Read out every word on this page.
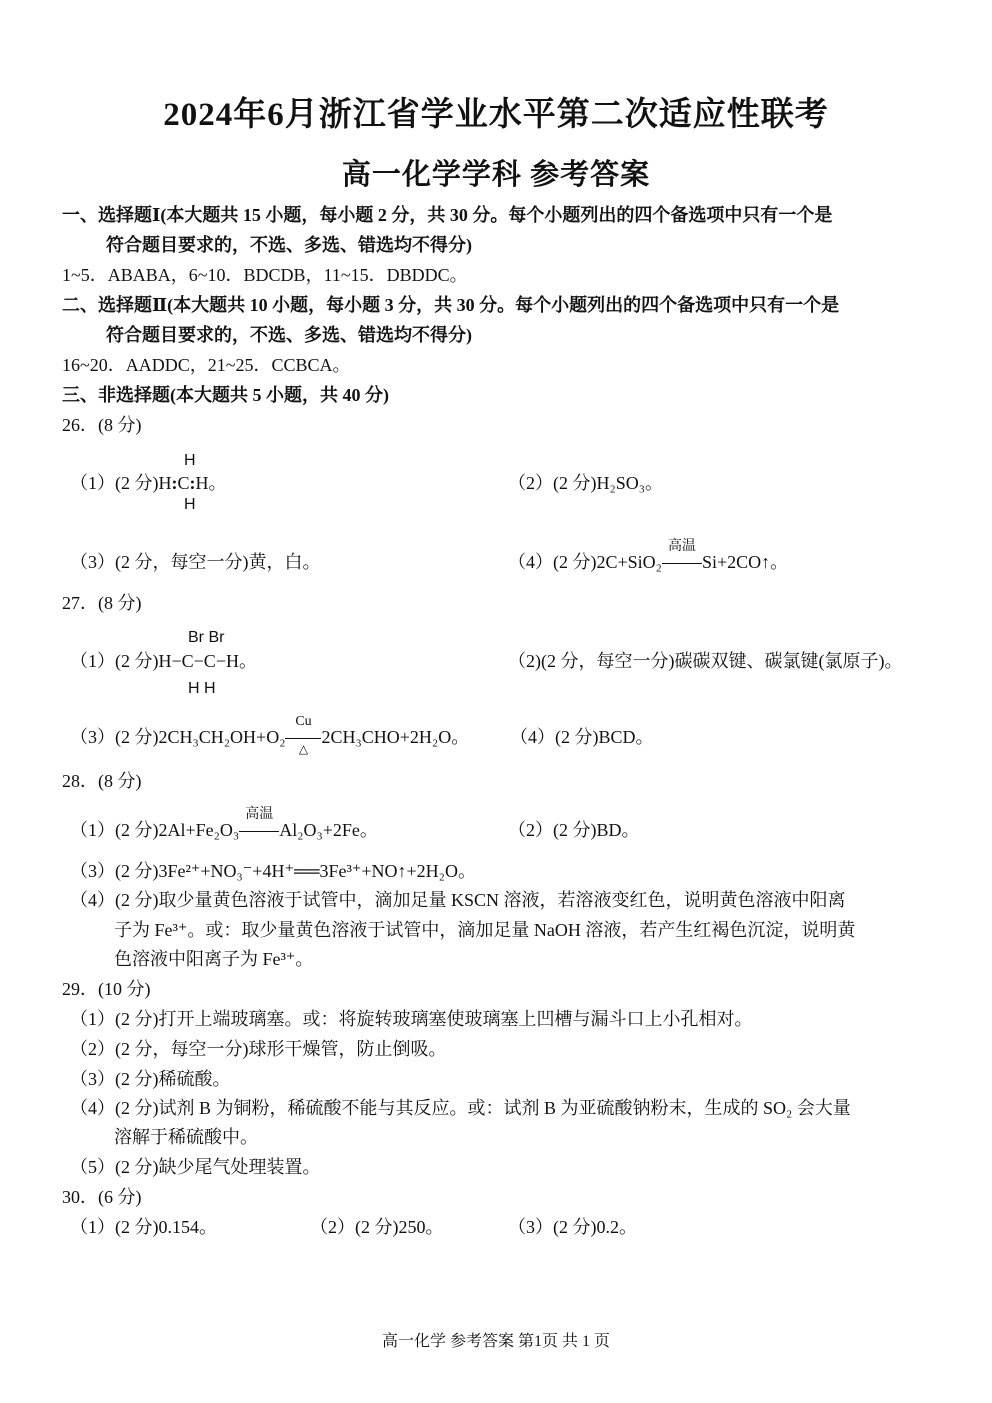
2024年6月浙江省学业水平第二次适应性联考
高一化学学科 参考答案
一、选择题Ⅰ(本大题共 15 小题，每小题 2 分，共 30 分。每个小题列出的四个备选项中只有一个是
符合题目要求的，不选、多选、错选均不得分)
1~5．ABABA，6~10．BDCDB，11~15．DBDDC。
二、选择题Ⅱ(本大题共 10 小题，每小题 3 分，共 30 分。每个小题列出的四个备选项中只有一个是
符合题目要求的，不选、多选、错选均不得分)
16~20．AADDC，21~25．CCBCA。
三、非选择题(本大题共 5 小题，共 40 分)
26．(8 分)
（1）(2 分)H:C:H。
H
H
（2）(2 分)H₂SO₃。
（3）(2 分，每空一分)黄，白。	（4）(2 分)2C+SiO₂
高温
Si+2CO↑。
27．(8 分)
Br Br
（1）(2 分)H−C−C−H。
H H
（2)(2 分，每空一分)碳碳双键、碳氯键(氯原子)。
（3）(2 分)2CH₃CH₂OH+O₂
Cu
△
2CH₃CHO+2H₂O。 （4）(2 分)BCD。
28．(8 分)
（1）(2 分)2Al+Fe₂O₃
高温
Al₂O₃+2Fe。	（2）(2 分)BD。
（3）(2 分)3Fe²⁺+NO₃⁻+4H⁺══3Fe³⁺+NO↑+2H₂O。
（4）(2 分)取少量黄色溶液于试管中，滴加足量 KSCN 溶液，若溶液变红色，说明黄色溶液中阳离
子为 Fe³⁺。或：取少量黄色溶液于试管中，滴加足量 NaOH 溶液，若产生红褐色沉淀，说明黄
色溶液中阳离子为 Fe³⁺。
29．(10 分)
（1）(2 分)打开上端玻璃塞。或：将旋转玻璃塞使玻璃塞上凹槽与漏斗口上小孔相对。
（2）(2 分，每空一分)球形干燥管，防止倒吸。
（3）(2 分)稀硫酸。
（4）(2 分)试剂 B 为铜粉，稀硫酸不能与其反应。或：试剂 B 为亚硫酸钠粉末，生成的 SO₂ 会大量
溶解于稀硫酸中。
（5）(2 分)缺少尾气处理装置。
30．(6 分)
（1）(2 分)0.154。	（2）(2 分)250。	（3）(2 分)0.2。
高一化学 参考答案 第1页 共 1 页
